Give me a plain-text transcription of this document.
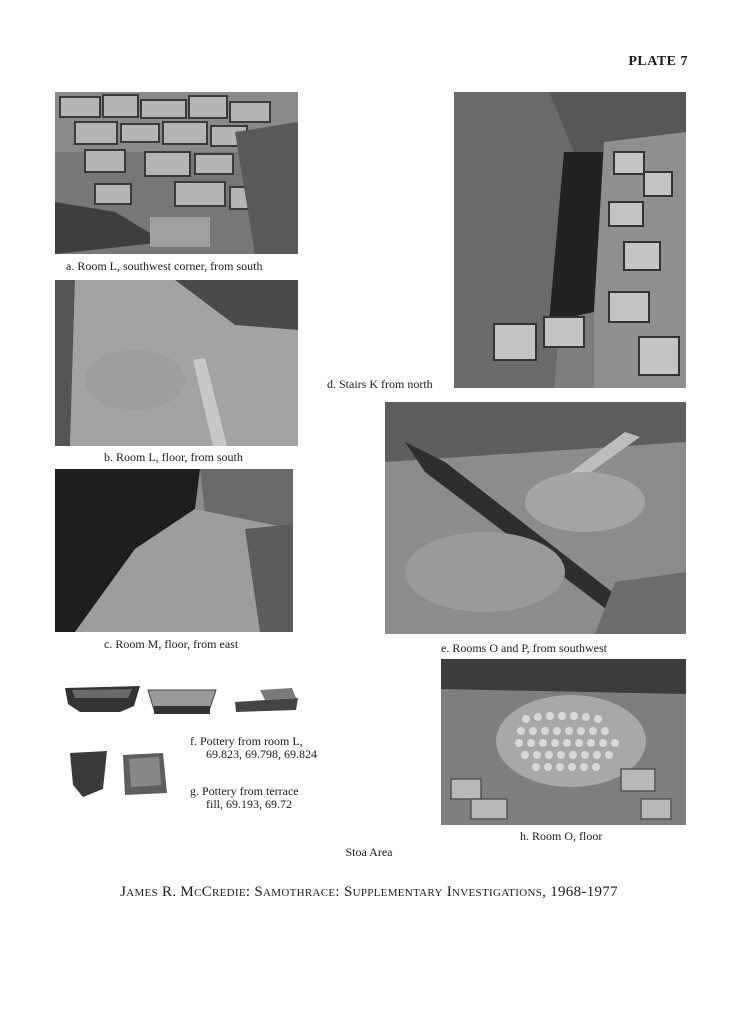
PLATE 7
a. Room L, southwest corner, from south
b. Room L, floor, from south
c. Room M, floor, from east
d. Stairs K from north
e. Rooms O and P, from southwest
f. Pottery from room L,
69.823, 69.798, 69.824
g. Pottery from terrace
fill, 69.193, 69.72
h. Room O, floor
Stoa Area
James R. McCredie: Samothrace: Supplementary Investigations, 1968-1977
